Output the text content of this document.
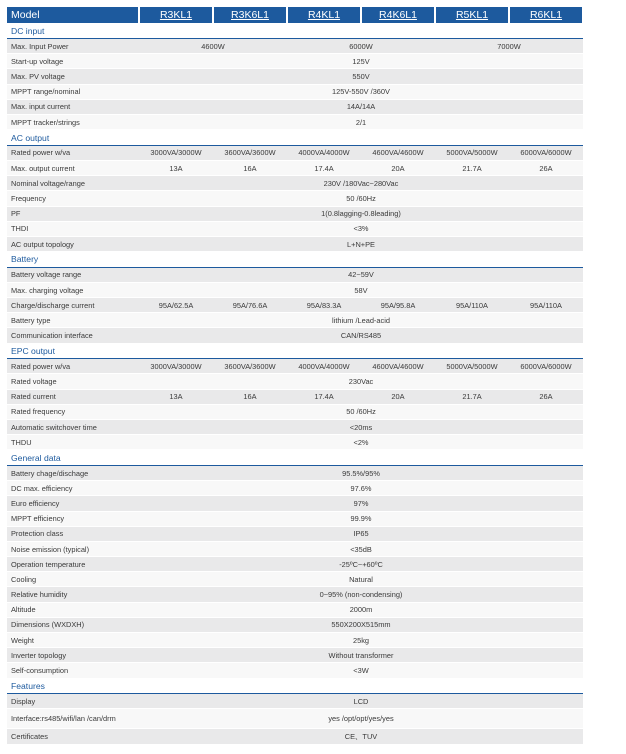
Model	R3KL1	R3K6L1	R4KL1	R4K6L1	R5KL1	R6KL1
DC input						
Max. Input Power	4600W		6000W		7000W	
Start-up voltage	125V					
Max. PV voltage	550V					
MPPT range/nominal	125V-550V /360V					
Max. input current	14A/14A					
MPPT tracker/strings	2/1					
AC output						
Rated power w/va	3000VA/3000W	3600VA/3600W	4000VA/4000W	4600VA/4600W	5000VA/5000W	6000VA/6000W
Max. output current	13A	16A	17.4A	20A	21.7A	26A
Nominal voltage/range	230V /180Vac~280Vac					
Frequency	50 /60Hz					
PF	1(0.8lagging-0.8leading)					
THDI	<3%					
AC output topology	L+N+PE					
Battery						
Battery voltage range	42~59V					
Max. charging voltage	58V					
Charge/discharge current	95A/62.5A	95A/76.6A	95A/83.3A	95A/95.8A	95A/110A	95A/110A
Battery type	lithium /Lead-acid					
Communication interface	CAN/RS485					
EPC output						
Rated power w/va	3000VA/3000W	3600VA/3600W	4000VA/4000W	4600VA/4600W	5000VA/5000W	6000VA/6000W
Rated voltage	230Vac					
Rated current	13A	16A	17.4A	20A	21.7A	26A
Rated frequency	50 /60Hz					
Automatic switchover time	<20ms					
THDU	<2%					
General data						
Battery chage/dischage	95.5%/95%					
DC max. efficiency	97.6%					
Euro efficiency	97%					
MPPT efficiency	99.9%					
Protection class	IP65					
Noise emission (typical)	<35dB					
Operation temperature	-25ºC~+60ºC					
Cooling	Natural					
Relative humidity	0~95% (non-condensing)					
Altitude	2000m					
Dimensions (WXDXH)	550X200X515mm					
Weight	25kg					
Inverter topology	Without transformer					
Self-consumption	<3W					
Features						
Display	LCD					
Interface:rs485/wifi/lan /can/drm	yes /opt/opt/yes/yes					
Certificates	CE、TUV					
